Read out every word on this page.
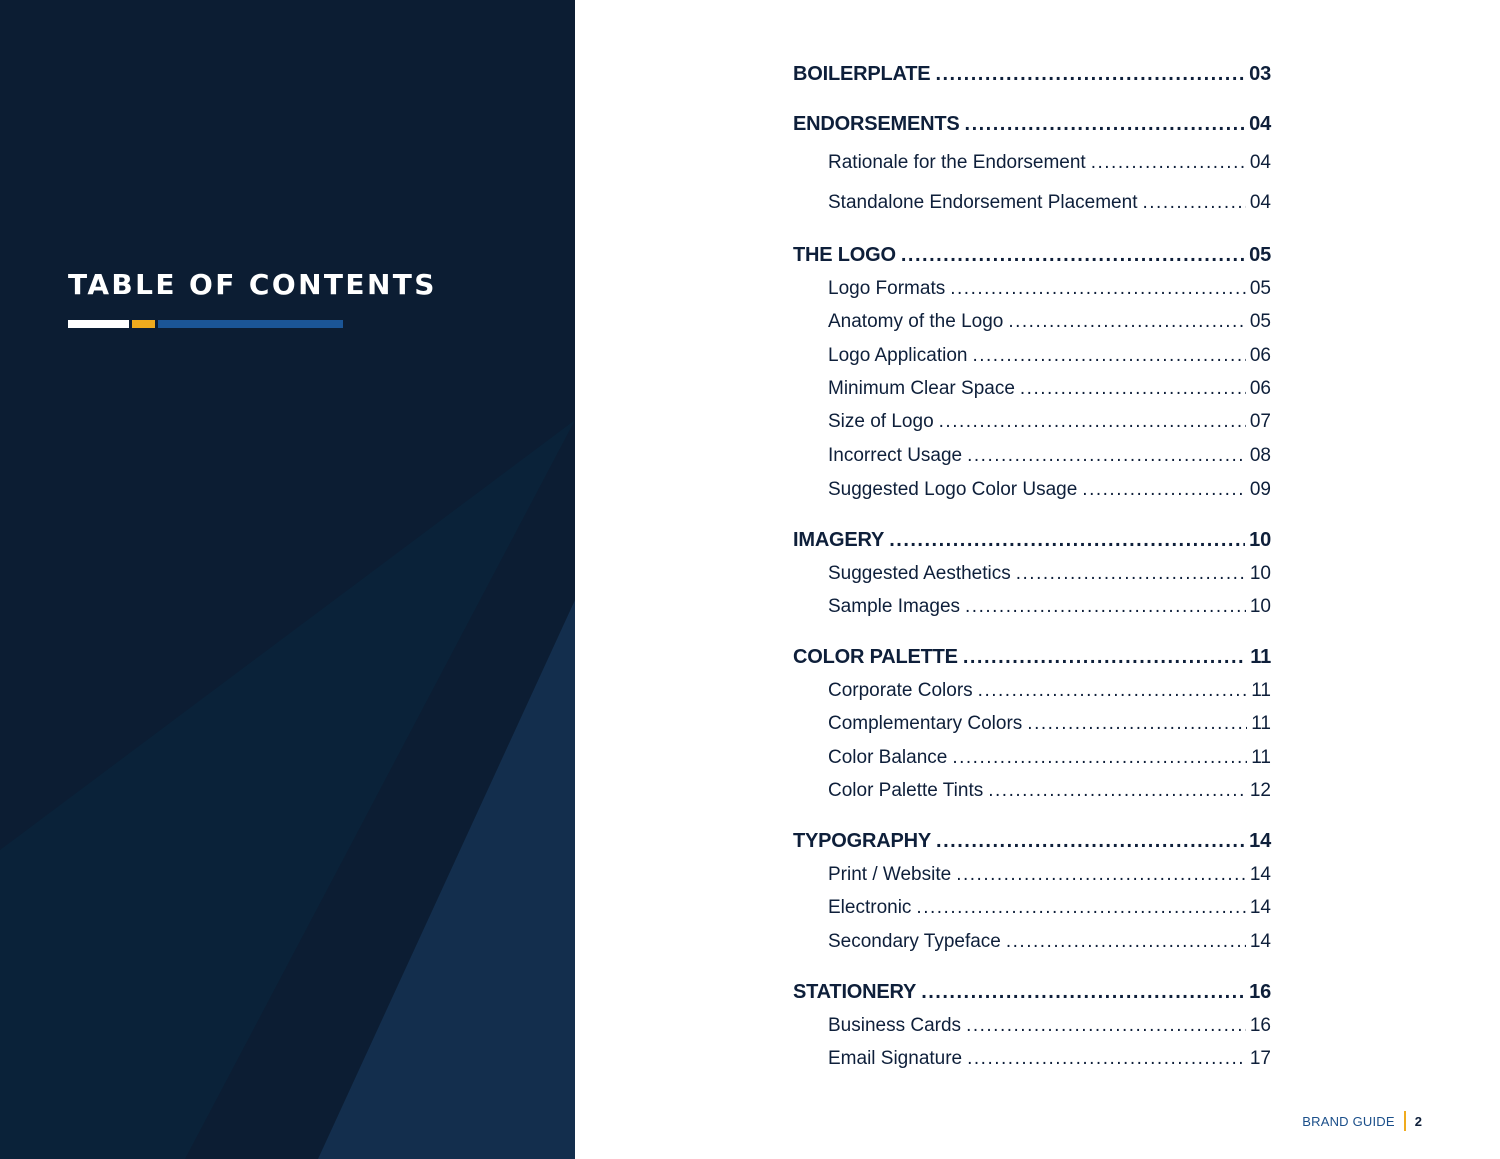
TABLE OF CONTENTS
BOILERPLATE .....	03
ENDORSEMENTS .....	04
Rationale for the Endorsement .....	04
Standalone Endorsement Placement .....	04
THE LOGO .....	05
Logo Formats .....	05
Anatomy of the Logo .....	05
Logo Application .....	06
Minimum Clear Space .....	06
Size of Logo .....	07
Incorrect Usage .....	08
Suggested Logo Color Usage .....	09
IMAGERY .....	10
Suggested Aesthetics .....	10
Sample Images .....	10
COLOR PALETTE .....	11
Corporate Colors .....	11
Complementary Colors .....	11
Color Balance .....	11
Color Palette Tints .....	12
TYPOGRAPHY .....	14
Print / Website .....	14
Electronic .....	14
Secondary Typeface .....	14
STATIONERY .....	16
Business Cards .....	16
Email Signature .....	17
BRAND GUIDE 2
